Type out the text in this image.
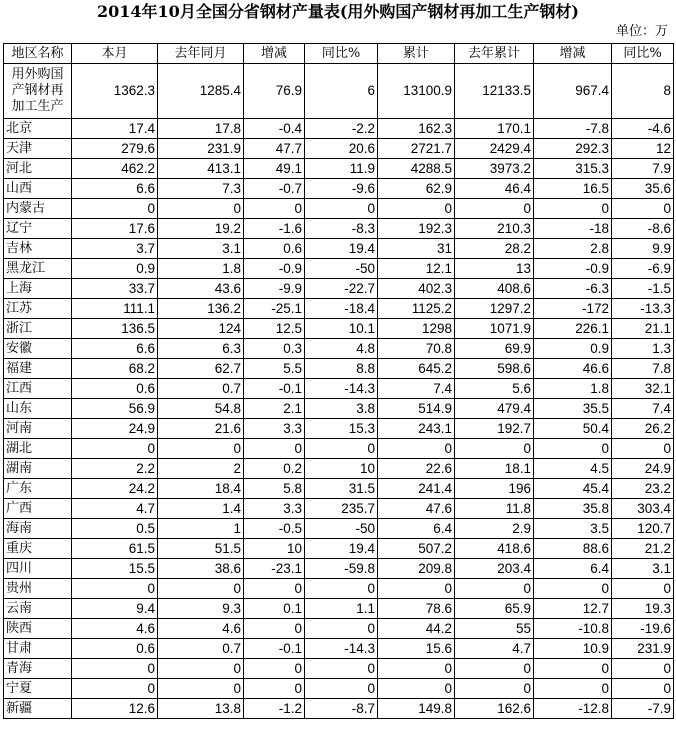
2014年10月全国分省钢材产量表(用外购国产钢材再加工生产钢材)
单位：万
地区名称	本月	去年同月	增减	同比%	累计	去年累计	增减	同比%
用外购国产钢材再加工生产	1362.3	1285.4	76.9	6	13100.9	12133.5	967.4	8
北京	17.4	17.8	-0.4	-2.2	162.3	170.1	-7.8	-4.6
天津	279.6	231.9	47.7	20.6	2721.7	2429.4	292.3	12
河北	462.2	413.1	49.1	11.9	4288.5	3973.2	315.3	7.9
山西	6.6	7.3	-0.7	-9.6	62.9	46.4	16.5	35.6
内蒙古	0	0	0	0	0	0	0	0
辽宁	17.6	19.2	-1.6	-8.3	192.3	210.3	-18	-8.6
吉林	3.7	3.1	0.6	19.4	31	28.2	2.8	9.9
黑龙江	0.9	1.8	-0.9	-50	12.1	13	-0.9	-6.9
上海	33.7	43.6	-9.9	-22.7	402.3	408.6	-6.3	-1.5
江苏	111.1	136.2	-25.1	-18.4	1125.2	1297.2	-172	-13.3
浙江	136.5	124	12.5	10.1	1298	1071.9	226.1	21.1
安徽	6.6	6.3	0.3	4.8	70.8	69.9	0.9	1.3
福建	68.2	62.7	5.5	8.8	645.2	598.6	46.6	7.8
江西	0.6	0.7	-0.1	-14.3	7.4	5.6	1.8	32.1
山东	56.9	54.8	2.1	3.8	514.9	479.4	35.5	7.4
河南	24.9	21.6	3.3	15.3	243.1	192.7	50.4	26.2
湖北	0	0	0	0	0	0	0	0
湖南	2.2	2	0.2	10	22.6	18.1	4.5	24.9
广东	24.2	18.4	5.8	31.5	241.4	196	45.4	23.2
广西	4.7	1.4	3.3	235.7	47.6	11.8	35.8	303.4
海南	0.5	1	-0.5	-50	6.4	2.9	3.5	120.7
重庆	61.5	51.5	10	19.4	507.2	418.6	88.6	21.2
四川	15.5	38.6	-23.1	-59.8	209.8	203.4	6.4	3.1
贵州	0	0	0	0	0	0	0	0
云南	9.4	9.3	0.1	1.1	78.6	65.9	12.7	19.3
陕西	4.6	4.6	0	0	44.2	55	-10.8	-19.6
甘肃	0.6	0.7	-0.1	-14.3	15.6	4.7	10.9	231.9
青海	0	0	0	0	0	0	0	0
宁夏	0	0	0	0	0	0	0	0
新疆	12.6	13.8	-1.2	-8.7	149.8	162.6	-12.8	-7.9
